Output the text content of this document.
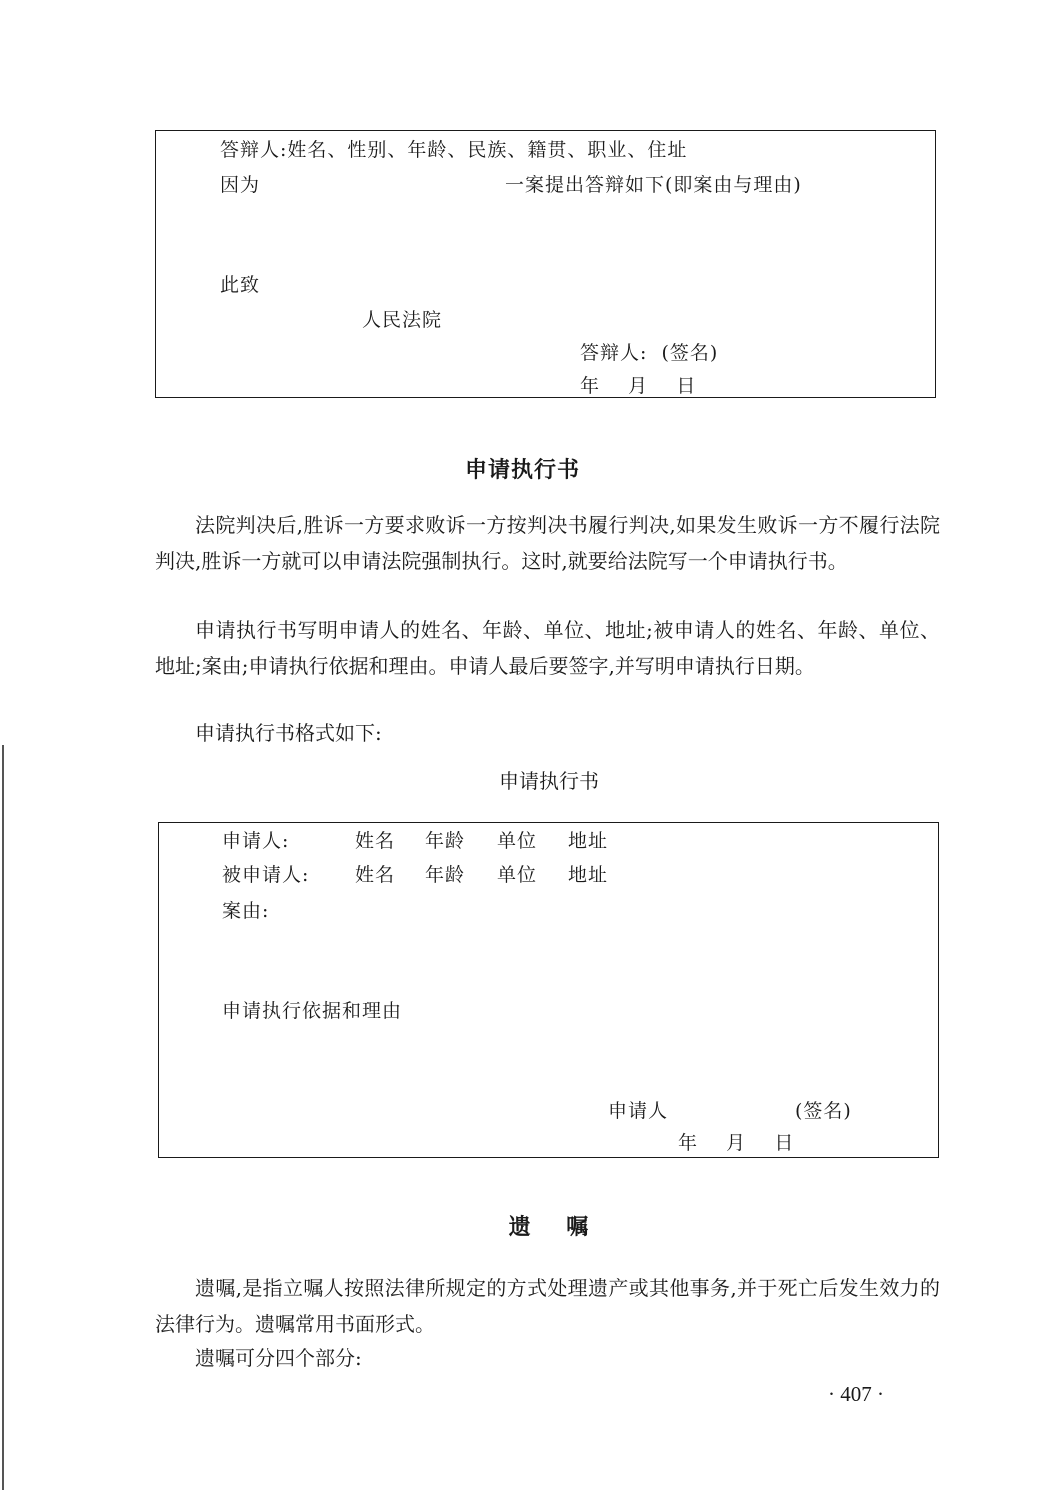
答辩人:姓名、性别、年龄、民族、籍贯、职业、住址
因为	一案提出答辩如下(即案由与理由)
此致
人民法院
答辩人:  (签名)
年    月    日
申请执行书
法院判决后,胜诉一方要求败诉一方按判决书履行判决,如果发生败诉一方不履行法院判决,胜诉一方就可以申请法院强制执行。这时,就要给法院写一个申请执行书。
申请执行书写明申请人的姓名、年龄、单位、地址;被申请人的姓名、年龄、单位、地址;案由;申请执行依据和理由。申请人最后要签字,并写明申请执行日期。
申请执行书格式如下:
申请执行书
申请人:	姓名 年龄 单位 地址
被申请人: 姓名 年龄 单位 地址
案由:
申请执行依据和理由
申请人	(签名)
年    月    日
遗    嘱
遗嘱,是指立嘱人按照法律所规定的方式处理遗产或其他事务,并于死亡后发生效力的法律行为。遗嘱常用书面形式。
遗嘱可分四个部分:
· 407 ·
